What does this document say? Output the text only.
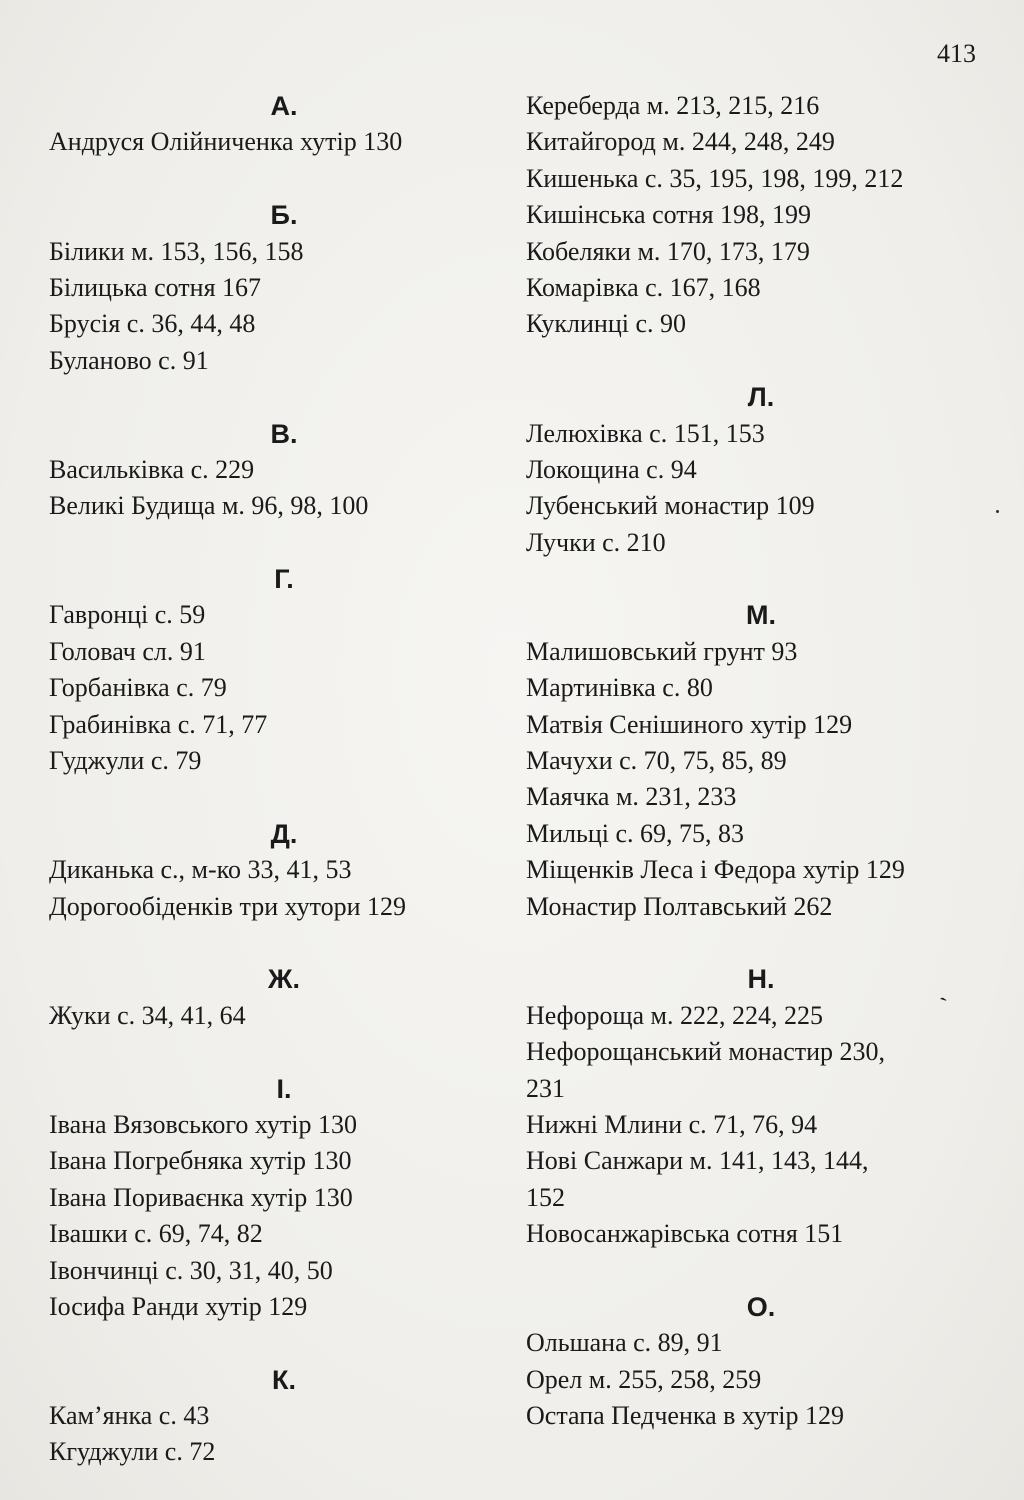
413
А.
Андруся Олійниченка хутір 130
Б.
Білики м. 153, 156, 158
Білицька сотня 167
Брусія с. 36, 44, 48
Буланово с. 91
В.
Васильківка с. 229
Великі Будища м. 96, 98, 100
Г.
Гавронці с. 59
Головач сл. 91
Горбанівка с. 79
Грабинівка с. 71, 77
Гуджули с. 79
Д.
Диканька с., м-ко 33, 41, 53
Дорогообіденків три хутори 129
Ж.
Жуки с. 34, 41, 64
І.
Івана Вязовського хутір 130
Івана Погребняка хутір 130
Івана Пориваєнка хутір 130
Івашки с. 69, 74, 82
Івончинці с. 30, 31, 40, 50
Іосифа Ранди хутір 129
К.
Кам’янка с. 43
Кгуджули с. 72
Кереберда м. 213, 215, 216
Китайгород м. 244, 248, 249
Кишенька с. 35, 195, 198, 199, 212
Кишінська сотня 198, 199
Кобеляки м. 170, 173, 179
Комарівка с. 167, 168
Куклинці с. 90
Л.
Лелюхівка с. 151, 153
Локощина с. 94
Лубенський монастир 109
Лучки с. 210
М.
Малишовський грунт 93
Мартинівка с. 80
Матвія Сенішиного хутір 129
Мачухи с. 70, 75, 85, 89
Маячка м. 231, 233
Мильці с. 69, 75, 83
Міщенків Леса і Федора хутір 129
Монастир Полтавський 262
Н.
Нефороща м. 222, 224, 225
Нефорощанський монастир 230,
231
Нижні Млини с. 71, 76, 94
Нові Санжари м. 141, 143, 144,
152
Новосанжарівська сотня 151
О.
Ольшана с. 89, 91
Орел м. 255, 258, 259
Остапа Педченка в хутір 129
ˋ
